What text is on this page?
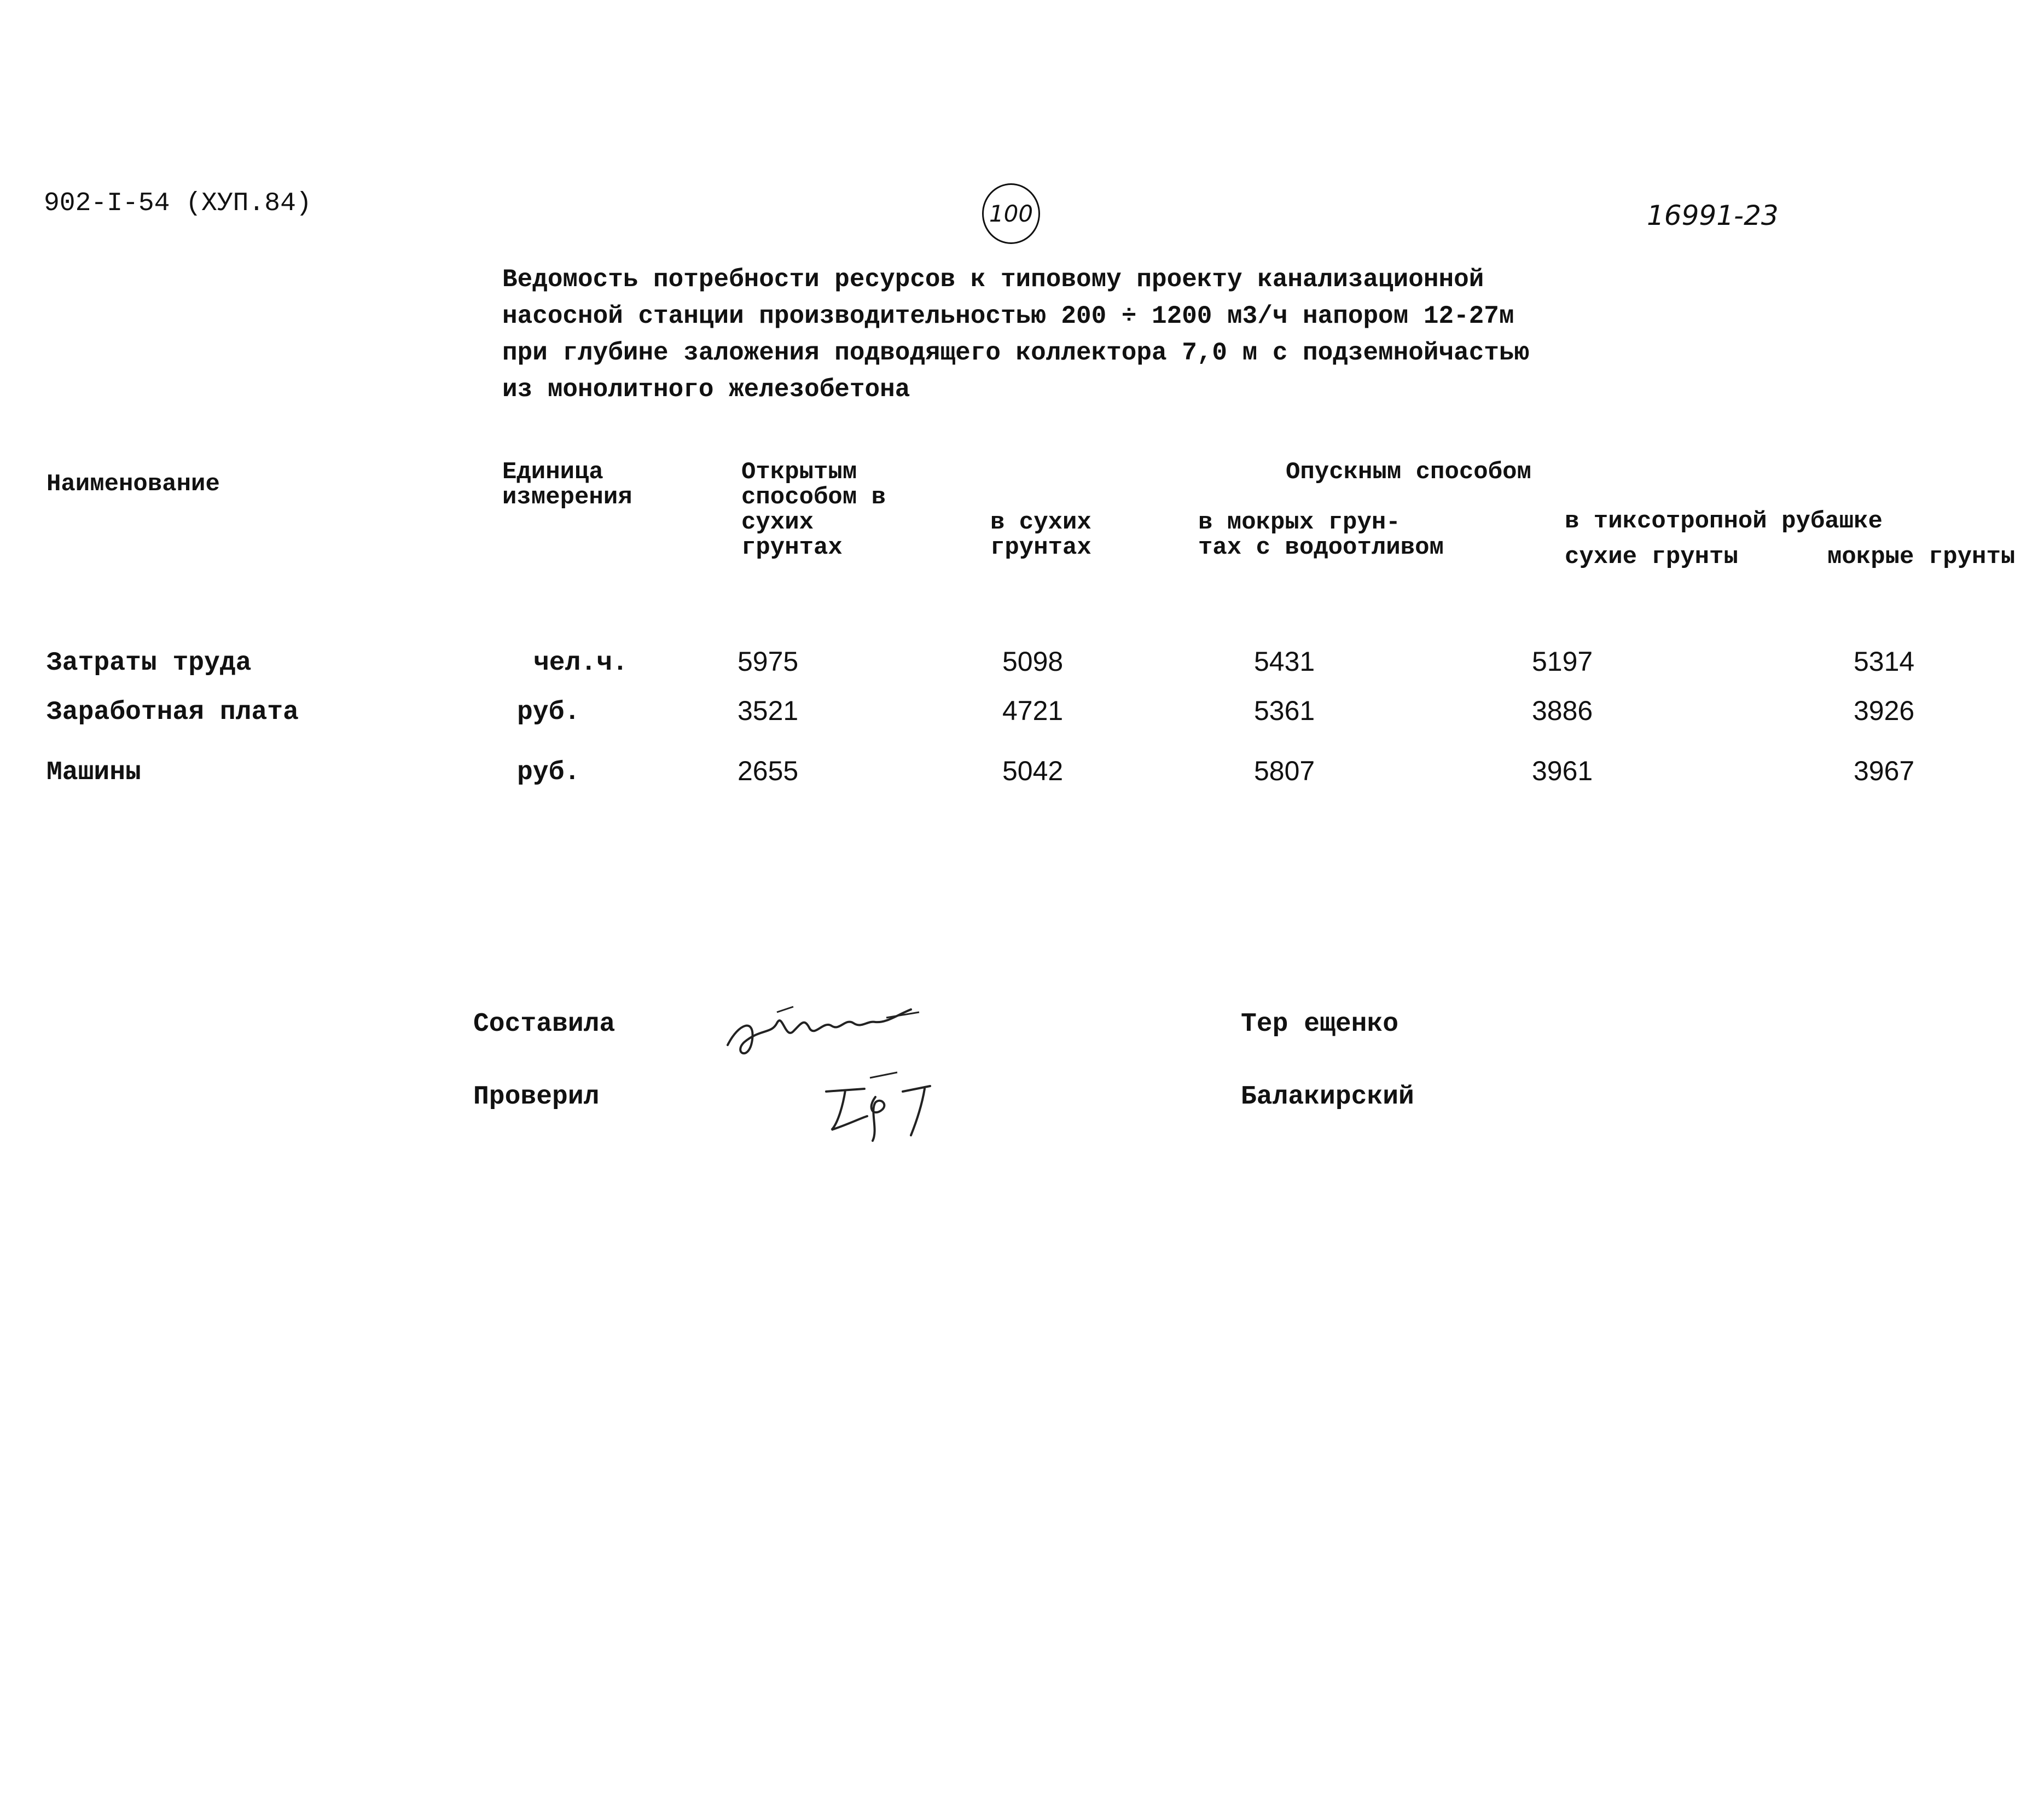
902-I-54 (ХУП.84)	100	16991-23
Ведомость потребности ресурсов к типовому проекту канализационной
насосной станции производительностью 200 ÷ 1200 м3/ч напором 12-27м
при глубине заложения подводящего коллектора 7,0 м с подземнойчастью
из монолитного железобетона
Наименование	Единица
измерения
Открытым
способом в
сухих
грунтах
Опускным способом
в сухих
грунтах
в мокрых грун-
тах с водоотливом
в тиксотропной рубашке
сухие грунты	мокрые грунты
Затраты труда	чел.ч.	5975	5098	5431	5197	5314
Заработная плата	руб.	3521	4721	5361	3886	3926
Машины	руб.	2655	5042	5807	3961	3967
Составила	Тер ещенко
Проверил	Балакирский
